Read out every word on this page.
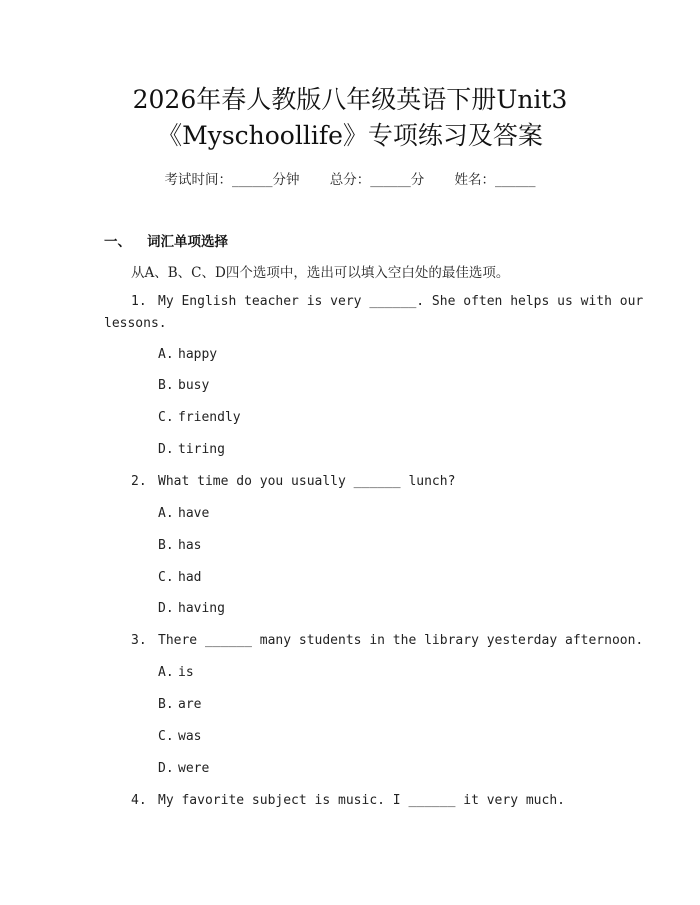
2026年春人教版八年级英语下册Unit3
《Myschoollife》专项练习及答案
考试时间：______分钟 总分：______分 姓名：______
一、 词汇单项选择
从A、B、C、D四个选项中，选出可以填入空白处的最佳选项。
1. My English teacher is very ______. She often helps us with our
lessons.
A. happy
B. busy
C. friendly
D. tiring
2. What time do you usually ______ lunch?
A. have
B. has
C. had
D. having
3. There ______ many students in the library yesterday afternoon.
A. is
B. are
C. was
D. were
4. My favorite subject is music. I ______ it very much.
